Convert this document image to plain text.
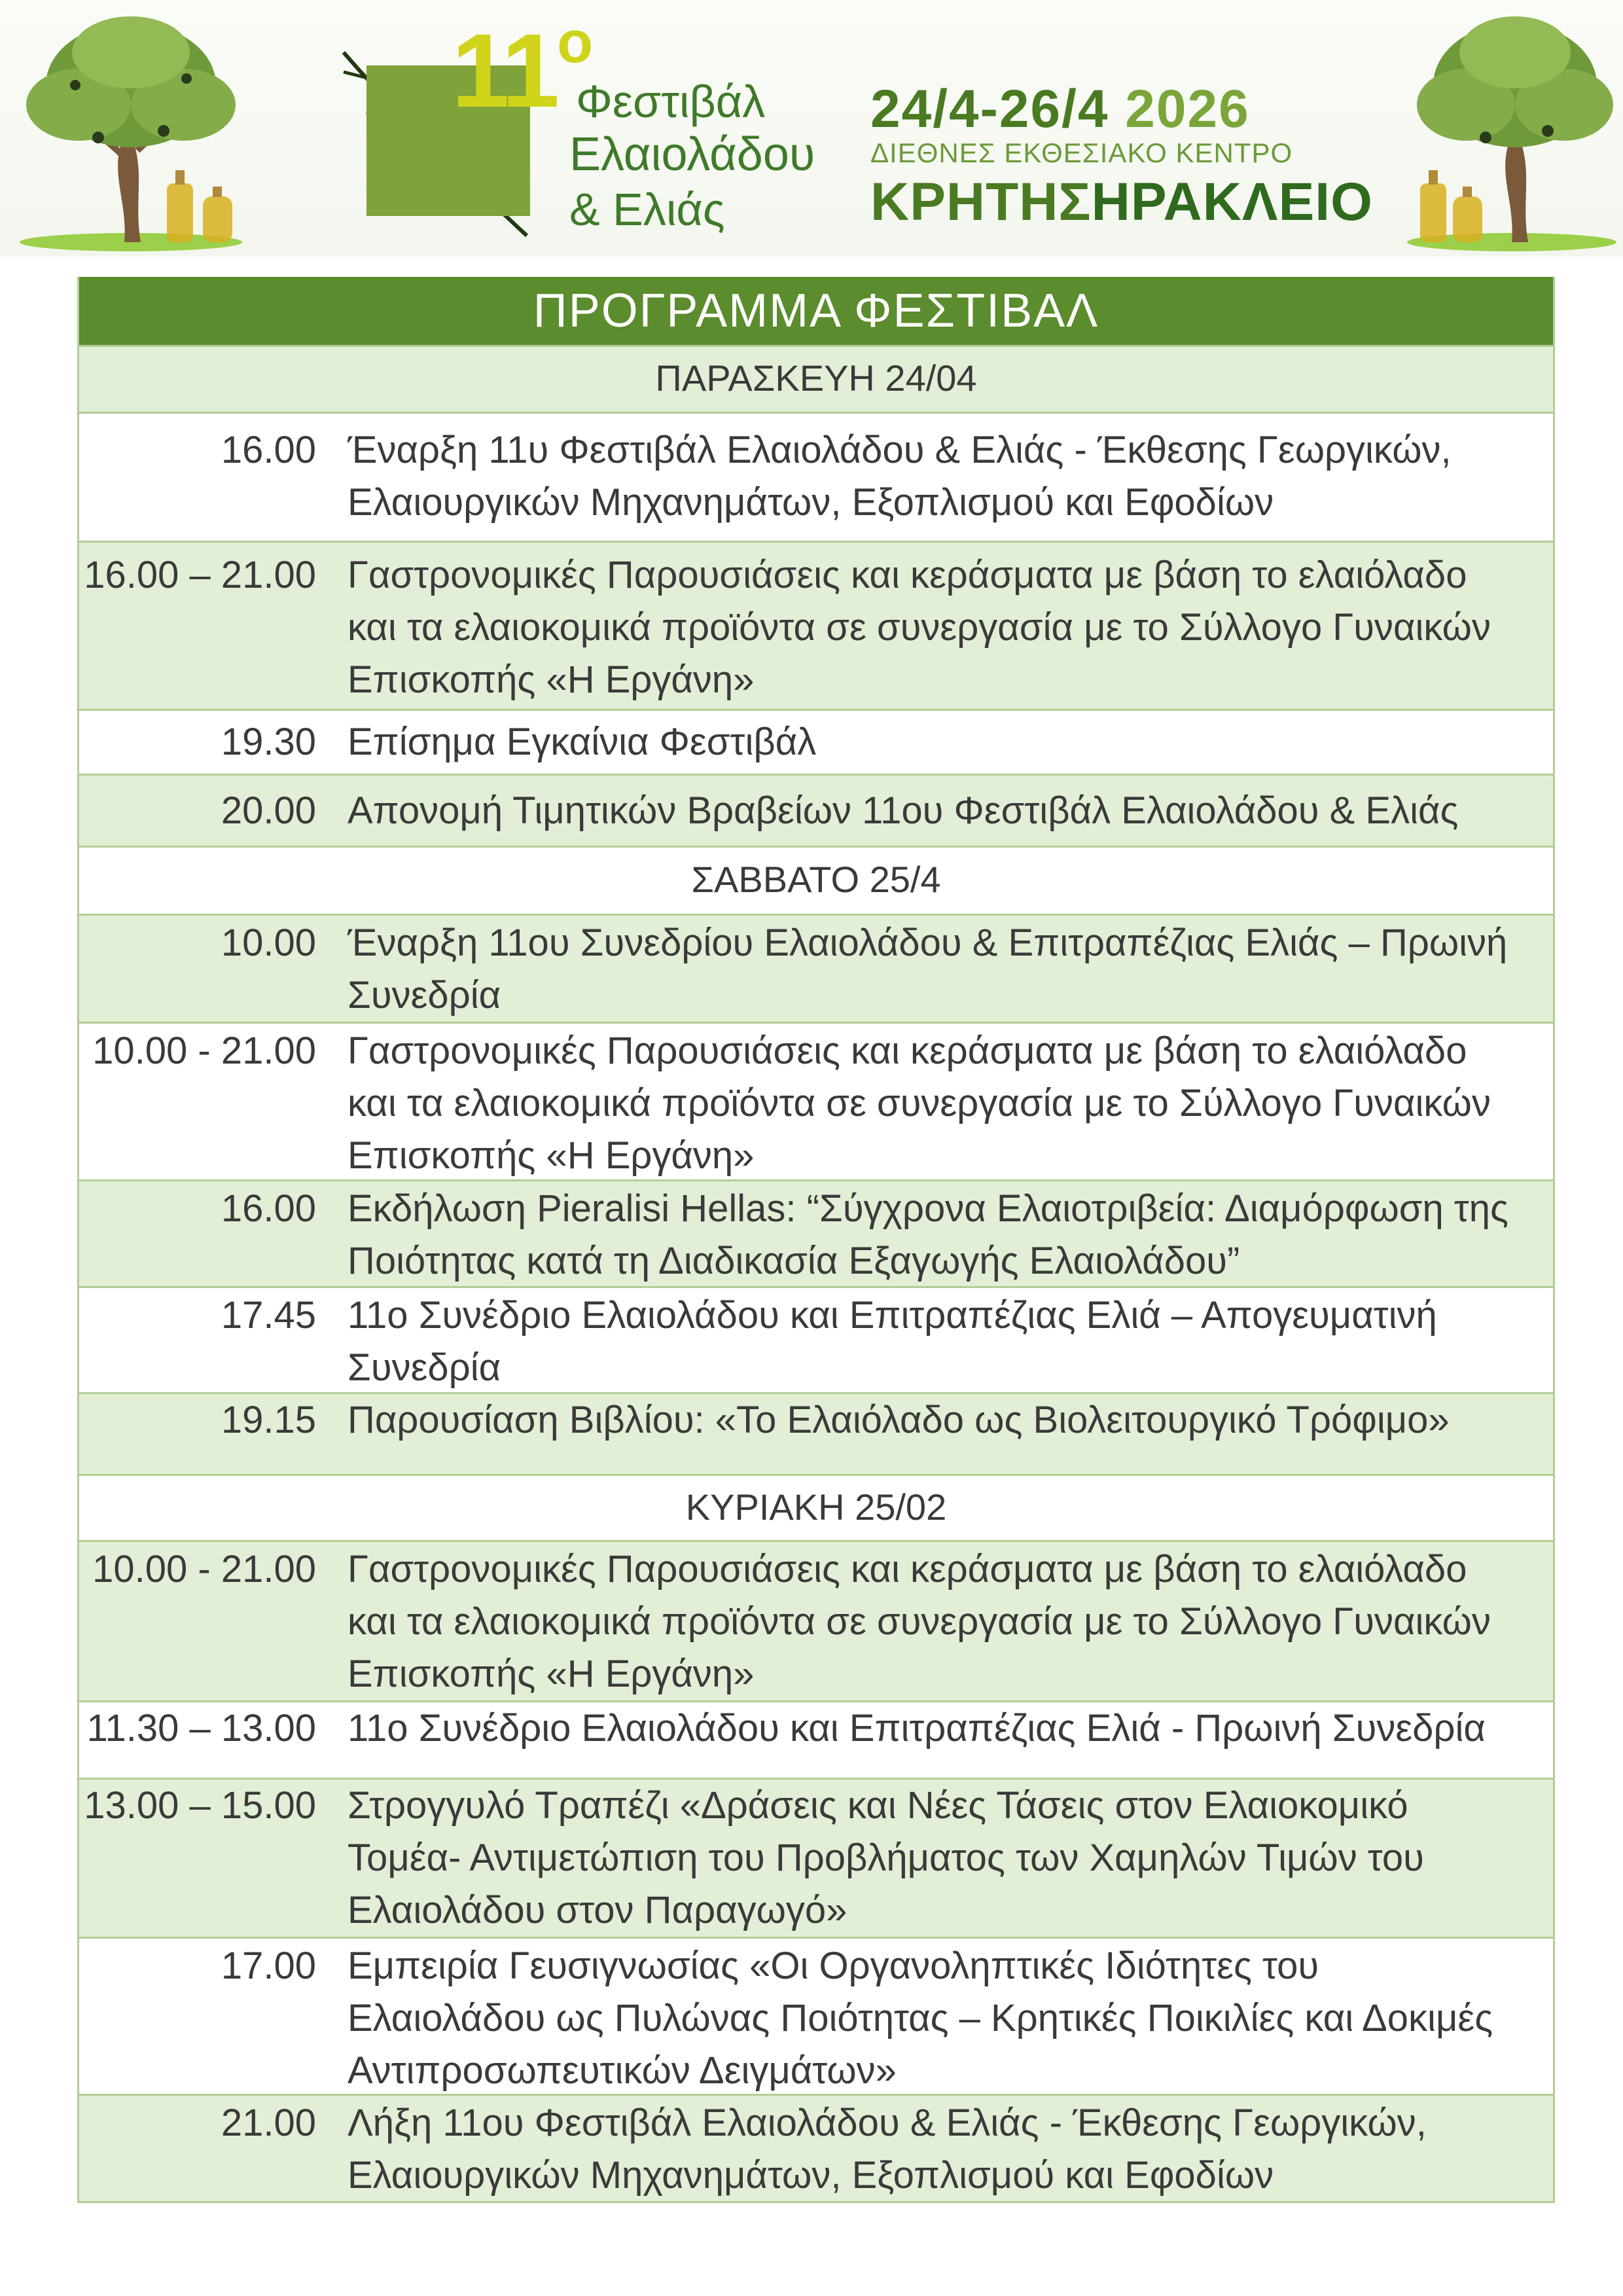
$11^o$
Φεστιβάλ
Ελαιολάδου
& Ελιάς
24/4-26/4 2026
ΔΙΕΘΝΕΣ ΕΚΘΕΣΙΑΚΟ ΚΕΝΤΡΟ
ΚΡΗΤΗΣΗΡΑΚΛΕΙΟ
ΠΡΟΓΡΑΜΜΑ ΦΕΣΤΙΒΑΛ
ΠΑΡΑΣΚΕΥΗ 24/04
16.00 Έναρξη 11υ Φεστιβάλ Ελαιολάδου & Ελιάς - Έκθεσης Γεωργικών,
Ελαιουργικών Μηχανημάτων, Εξοπλισμού και Εφοδίων
16.00 – 21.00 Γαστρονομικές Παρουσιάσεις και κεράσματα με βάση το ελαιόλαδο
και τα ελαιοκομικά προϊόντα σε συνεργασία με το Σύλλογο Γυναικών
Επισκοπής «Η Εργάνη»
19.30 Επίσημα Εγκαίνια Φεστιβάλ
20.00 Απονομή Τιμητικών Βραβείων 11ου Φεστιβάλ Ελαιολάδου & Ελιάς
ΣΑΒΒΑΤΟ 25/4
10.00 Έναρξη 11ου Συνεδρίου Ελαιολάδου & Επιτραπέζιας Ελιάς – Πρωινή
Συνεδρία
10.00 - 21.00 Γαστρονομικές Παρουσιάσεις και κεράσματα με βάση το ελαιόλαδο
και τα ελαιοκομικά προϊόντα σε συνεργασία με το Σύλλογο Γυναικών
Επισκοπής «Η Εργάνη»
16.00 Εκδήλωση Pieralisi Hellas: “Σύγχρονα Ελαιοτριβεία: Διαμόρφωση της
Ποιότητας κατά τη Διαδικασία Εξαγωγής Ελαιολάδου”
17.45 11ο Συνέδριο Ελαιολάδου και Επιτραπέζιας Ελιά – Απογευματινή
Συνεδρία
19.15 Παρουσίαση Βιβλίου: «Το Ελαιόλαδο ως Βιολειτουργικό Τρόφιμο»
ΚΥΡΙΑΚΗ 25/02
10.00 - 21.00 Γαστρονομικές Παρουσιάσεις και κεράσματα με βάση το ελαιόλαδο
και τα ελαιοκομικά προϊόντα σε συνεργασία με το Σύλλογο Γυναικών
Επισκοπής «Η Εργάνη»
11.30 – 13.00 11ο Συνέδριο Ελαιολάδου και Επιτραπέζιας Ελιά - Πρωινή Συνεδρία
13.00 – 15.00 Στρογγυλό Τραπέζι «Δράσεις και Νέες Τάσεις στον Ελαιοκομικό
Τομέα- Αντιμετώπιση του Προβλήματος των Χαμηλών Τιμών του
Ελαιολάδου στον Παραγωγό»
17.00 Εμπειρία Γευσιγνωσίας «Οι Οργανοληπτικές Ιδιότητες του
Ελαιολάδου ως Πυλώνας Ποιότητας – Κρητικές Ποικιλίες και Δοκιμές
Αντιπροσωπευτικών Δειγμάτων»
21.00 Λήξη 11ου Φεστιβάλ Ελαιολάδου & Ελιάς - Έκθεσης Γεωργικών,
Ελαιουργικών Μηχανημάτων, Εξοπλισμού και Εφοδίων
